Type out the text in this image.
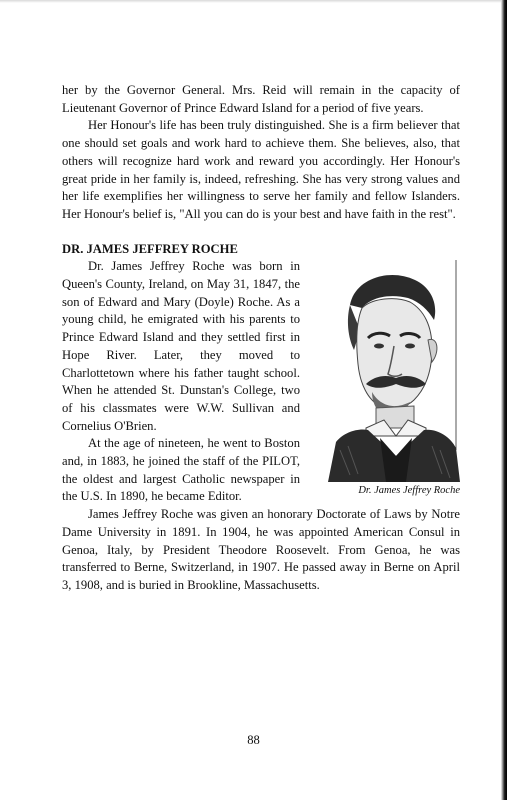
her by the Governor General. Mrs. Reid will remain in the capacity of Lieutenant Governor of Prince Edward Island for a period of five years.

Her Honour's life has been truly distinguished. She is a firm believer that one should set goals and work hard to achieve them. She believes, also, that others will recognize hard work and reward you accordingly. Her Honour's great pride in her family is, indeed, refreshing. She has very strong values and her life exemplifies her willingness to serve her family and fellow Islanders. Her Honour's belief is, "All you can do is your best and have faith in the rest".

DR. JAMES JEFFREY ROCHE

Dr. James Jeffrey Roche

Dr. James Jeffrey Roche was born in Queen's County, Ireland, on May 31, 1847, the son of Edward and Mary (Doyle) Roche. As a young child, he emigrated with his parents to Prince Edward Island and they settled first in Hope River. Later, they moved to Charlottetown where his father taught school. When he attended St. Dunstan's College, two of his classmates were W.W. Sullivan and Cornelius O'Brien.

At the age of nineteen, he went to Boston and, in 1883, he joined the staff of the PILOT, the oldest and largest Catholic newspaper in the U.S. In 1890, he became Editor.

James Jeffrey Roche was given an honorary Doctorate of Laws by Notre Dame University in 1891. In 1904, he was appointed American Consul in Genoa, Italy, by President Theodore Roosevelt. From Genoa, he was transferred to Berne, Switzerland, in 1907. He passed away in Berne on April 3, 1908, and is buried in Brookline, Massachusetts.

88
